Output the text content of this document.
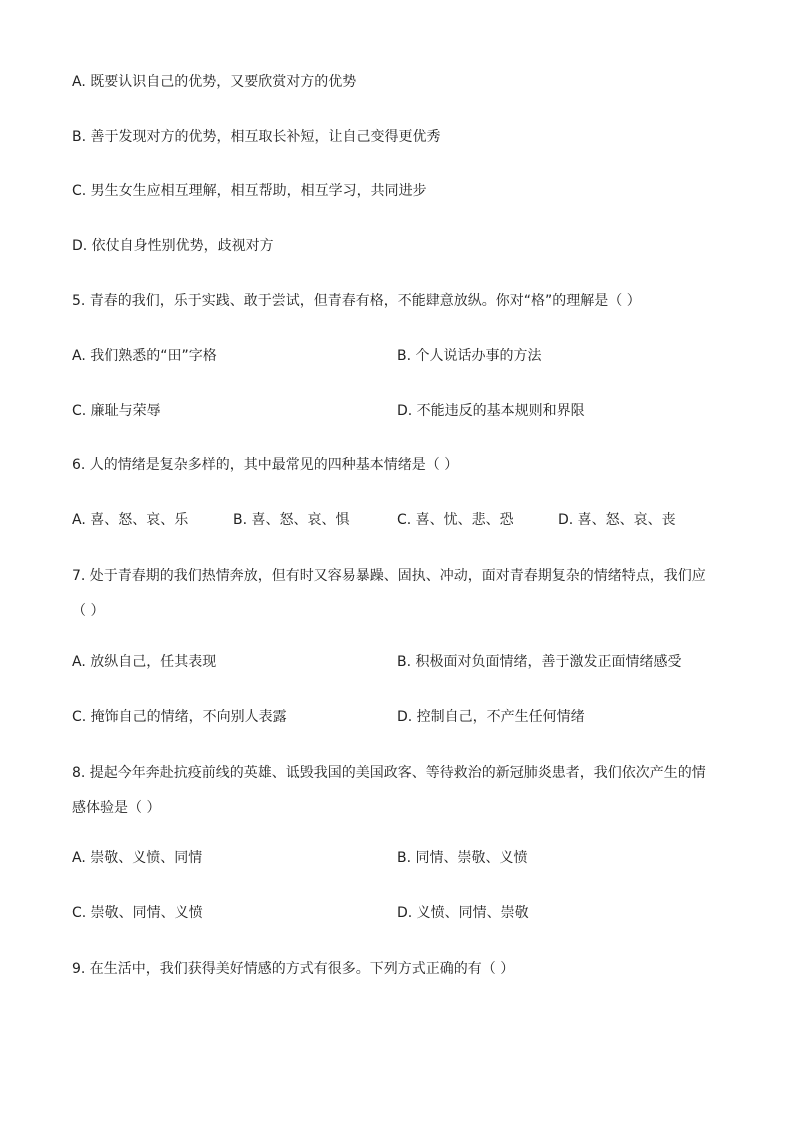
A. 既要认识自己的优势，又要欣赏对方的优势
B. 善于发现对方的优势，相互取长补短，让自己变得更优秀
C. 男生女生应相互理解，相互帮助，相互学习，共同进步
D. 依仗自身性别优势，歧视对方
5. 青春的我们，乐于实践、敢于尝试，但青春有格，不能肆意放纵。你对“格”的理解是（ ）
A. 我们熟悉的“田”字格	B. 个人说话办事的方法
C. 廉耻与荣辱	D. 不能违反的基本规则和界限
6. 人的情绪是复杂多样的，其中最常见的四种基本情绪是（ ）
A. 喜、怒、哀、乐	B. 喜、怒、哀、惧	C. 喜、忧、悲、恐	D. 喜、怒、哀、丧
7. 处于青春期的我们热情奔放，但有时又容易暴躁、固执、冲动，面对青春期复杂的情绪特点，我们应
（ ）
A. 放纵自己，任其表现	B. 积极面对负面情绪，善于激发正面情绪感受
C. 掩饰自己的情绪，不向别人表露	D. 控制自己，不产生任何情绪
8. 提起今年奔赴抗疫前线的英雄、诋毁我国的美国政客、等待救治的新冠肺炎患者，我们依次产生的情
感体验是（ ）
A. 崇敬、义愤、同情	B. 同情、崇敬、义愤
C. 崇敬、同情、义愤	D. 义愤、同情、崇敬
9. 在生活中，我们获得美好情感的方式有很多。下列方式正确的有（ ）
